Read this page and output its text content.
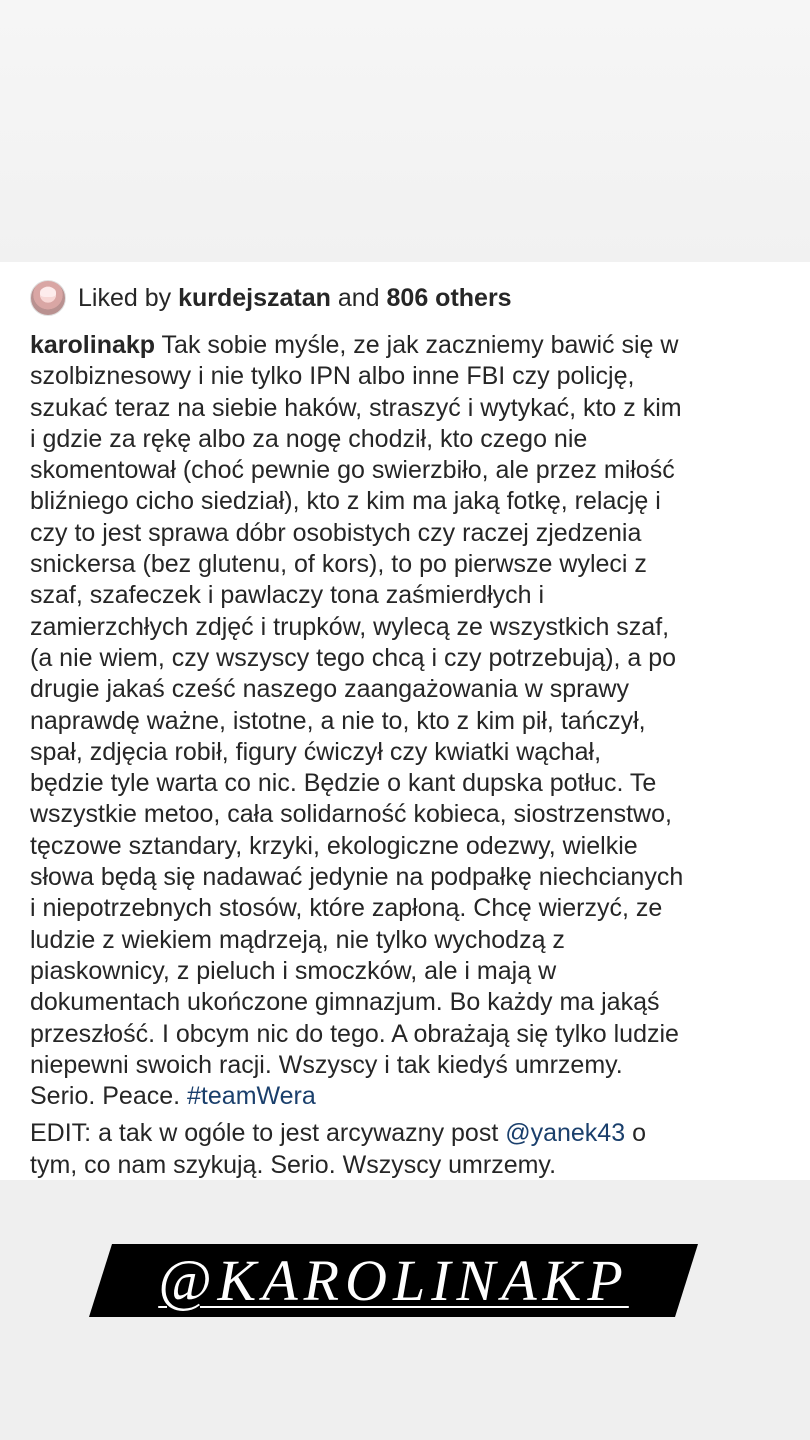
Liked by kurdejszatan and 806 others

karolinakp Tak sobie myśle, ze jak zaczniemy bawić się w

szolbiznesowy i nie tylko IPN albo inne FBI czy policję,

szukać teraz na siebie haków, straszyć i wytykać, kto z kim

i gdzie za rękę albo za nogę chodził, kto czego nie

skomentował (choć pewnie go swierzbiło, ale przez miłość

bliźniego cicho siedział), kto z kim ma jaką fotkę, relację i

czy to jest sprawa dóbr osobistych czy raczej zjedzenia

snickersa (bez glutenu, of kors), to po pierwsze wyleci z

szaf, szafeczek i pawlaczy tona zaśmierdłych i

zamierzchłych zdjęć i trupków, wylecą ze wszystkich szaf,

(a nie wiem, czy wszyscy tego chcą i czy potrzebują), a po

drugie jakaś cześć naszego zaangażowania w sprawy

naprawdę ważne, istotne, a nie to, kto z kim pił, tańczył,

spał, zdjęcia robił, figury ćwiczył czy kwiatki wąchał,

będzie tyle warta co nic. Będzie o kant dupska potłuc. Te

wszystkie metoo, cała solidarność kobieca, siostrzenstwo,

tęczowe sztandary, krzyki, ekologiczne odezwy, wielkie

słowa będą się nadawać jedynie na podpałkę niechcianych

i niepotrzebnych stosów, które zapłoną. Chcę wierzyć, ze

ludzie z wiekiem mądrzeją, nie tylko wychodzą z

piaskownicy, z pieluch i smoczków, ale i mają w

dokumentach ukończone gimnazjum. Bo każdy ma jakąś

przeszłość. I obcym nic do tego. A obrażają się tylko ludzie

niepewni swoich racji. Wszyscy i tak kiedyś umrzemy.

Serio. Peace. #teamWera

EDIT: a tak w ogóle to jest arcywazny post @yanek43 o

tym, co nam szykują. Serio. Wszyscy umrzemy.

@KAROLINAKP
